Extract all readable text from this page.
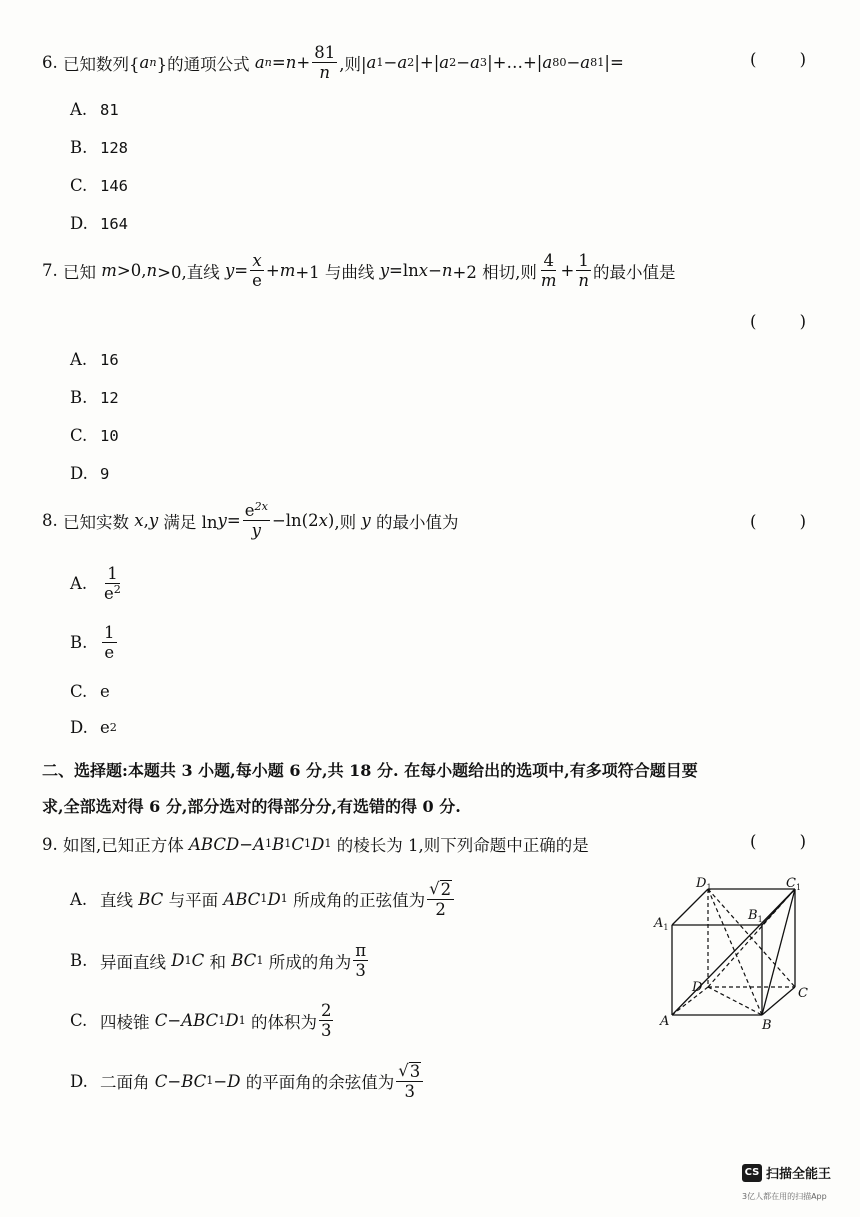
6.
已知数列{ a n }的通项公式
a $n = n + \frac{81}{n}$ ,则| a 1 − a 2 |+| a 2 − a 3 |+…+| a 80 − a 81 |=	(	)
A. 81
B. 128
C. 146
D. 164
7.
已知
m >0, n >0,直线
$y = \frac{x}{e} + m +1$ 与曲线
y =ln x − n +2 相切,则 $\frac{4}{m} + \frac{1}{n}$ 的最小值是
(	)
A. 16
B. 12
C. 10
D. 9
8.
已知实数
x , y
满足 $\ln y = \frac{e^{2x}}{y} -\ln(2$ x ) ,则
y
的最小值为	(	)
A. $\frac{1}{e^2}$
B. $\frac{1}{e}$
C. e
D. e 2
二、选择题:本题共 3 小题,每小题 6 分,共 18 分. 在每小题给出的选项中,有多项符合题目要
求,全部选对得 6 分,部分选对的得部分分,有选错的得 0 分.
9.
如图,已知正方体
ABCD − A 1 B 1 C 1 D 1
的棱长为 1,则下列命题中正确的是	(	)
A. 直线
BC
与平面
ABC 1 D 1
所成角的正弦值为 $\frac{√ 2}{2}$
B. 异面直线
D 1 C
和
BC 1
所成的角为 $\frac{\pi}{3}$
C. 四棱锥
C − ABC 1 D 1
的体积为 $\frac{2}{3}$
D. 二面角
C − BC 1 − D
的平面角的余弦值为 $\frac{√ 3}{3}$
$D_1$	$C_1$
$A_1$
$B_1$
D	C
A	B
CS 扫描全能王
3亿人都在用的扫描App
